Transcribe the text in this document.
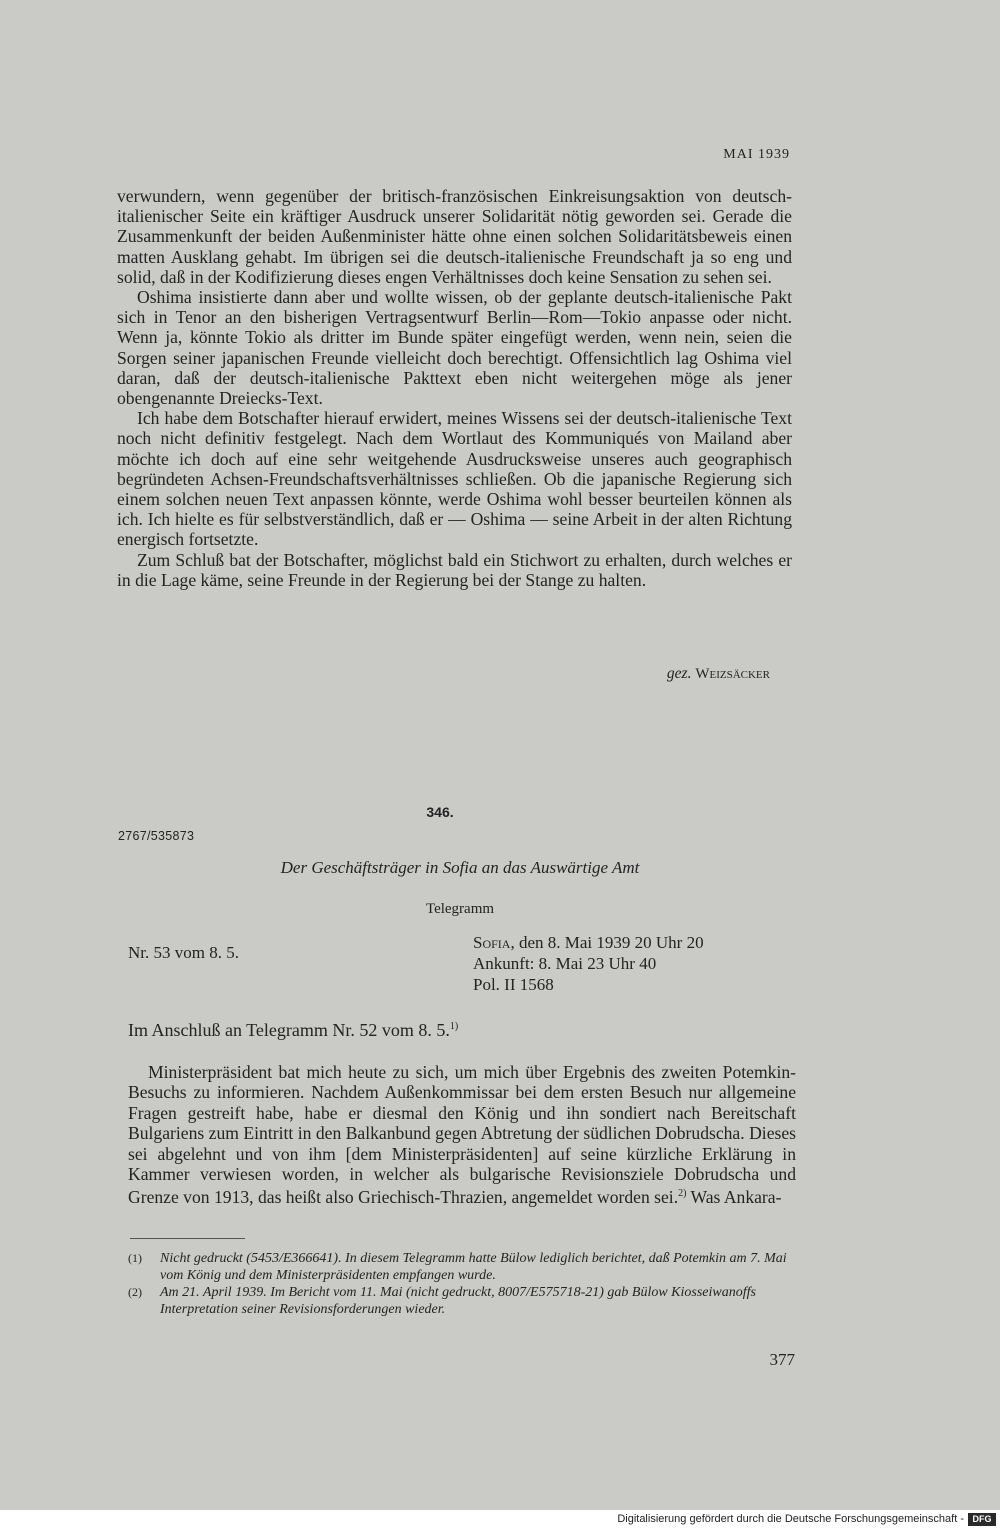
MAI 1939

verwundern, wenn gegenüber der britisch-französischen Einkreisungsaktion von deutsch-italienischer Seite ein kräftiger Ausdruck unserer Solidarität nötig geworden sei. Gerade die Zusammenkunft der beiden Außenminister hätte ohne einen solchen Solidaritätsbeweis einen matten Ausklang gehabt. Im übrigen sei die deutsch-italienische Freundschaft ja so eng und solid, daß in der Kodifizierung dieses engen Verhältnisses doch keine Sensation zu sehen sei.

Oshima insistierte dann aber und wollte wissen, ob der geplante deutsch-italienische Pakt sich in Tenor an den bisherigen Vertragsentwurf Berlin—Rom—Tokio anpasse oder nicht. Wenn ja, könnte Tokio als dritter im Bunde später eingefügt werden, wenn nein, seien die Sorgen seiner japanischen Freunde vielleicht doch berechtigt. Offensichtlich lag Oshima viel daran, daß der deutsch-italienische Pakttext eben nicht weitergehen möge als jener obengenannte Dreiecks-Text.

Ich habe dem Botschafter hierauf erwidert, meines Wissens sei der deutsch-italienische Text noch nicht definitiv festgelegt. Nach dem Wortlaut des Kommuniqués von Mailand aber möchte ich doch auf eine sehr weitgehende Ausdrucksweise unseres auch geographisch begründeten Achsen-Freundschaftsverhältnisses schließen. Ob die japanische Regierung sich einem solchen neuen Text anpassen könnte, werde Oshima wohl besser beurteilen können als ich. Ich hielte es für selbstverständlich, daß er — Oshima — seine Arbeit in der alten Richtung energisch fortsetzte.

Zum Schluß bat der Botschafter, möglichst bald ein Stichwort zu erhalten, durch welches er in die Lage käme, seine Freunde in der Regierung bei der Stange zu halten.

gez. Weizsäcker
346.
2767/535873
Der Geschäftsträger in Sofia an das Auswärtige Amt
Telegramm
Nr. 53 vom 8. 5.
Sofia, den 8. Mai 1939 20 Uhr 20
Ankunft: 8. Mai 23 Uhr 40
Pol. II 1568
Im Anschluß an Telegramm Nr. 52 vom 8. 5.$^{1)}$

Ministerpräsident bat mich heute zu sich, um mich über Ergebnis des zweiten Potemkin-Besuchs zu informieren. Nachdem Außenkommissar bei dem ersten Besuch nur allgemeine Fragen gestreift habe, habe er diesmal den König und ihn sondiert nach Bereitschaft Bulgariens zum Eintritt in den Balkanbund gegen Abtretung der südlichen Dobrudscha. Dieses sei abgelehnt und von ihm [dem Ministerpräsidenten] auf seine kürzliche Erklärung in Kammer verwiesen worden, in welcher als bulgarische Revisionsziele Dobrudscha und Grenze von 1913, das heißt also Griechisch-Thrazien, angemeldet worden sei.$^{2)}$ Was Ankara-

(1) Nicht gedruckt (5453/E366641). In diesem Telegramm hatte Bülow lediglich berichtet, daß Potemkin am 7. Mai vom König und dem Ministerpräsidenten empfangen wurde.
(2) Am 21. April 1939. Im Bericht vom 11. Mai (nicht gedruckt, 8007/E575718-21) gab Bülow Kiosseiwanoffs Interpretation seiner Revisionsforderungen wieder.
377
Digitalisierung gefördert durch die Deutsche Forschungsgemeinschaft - DFG
